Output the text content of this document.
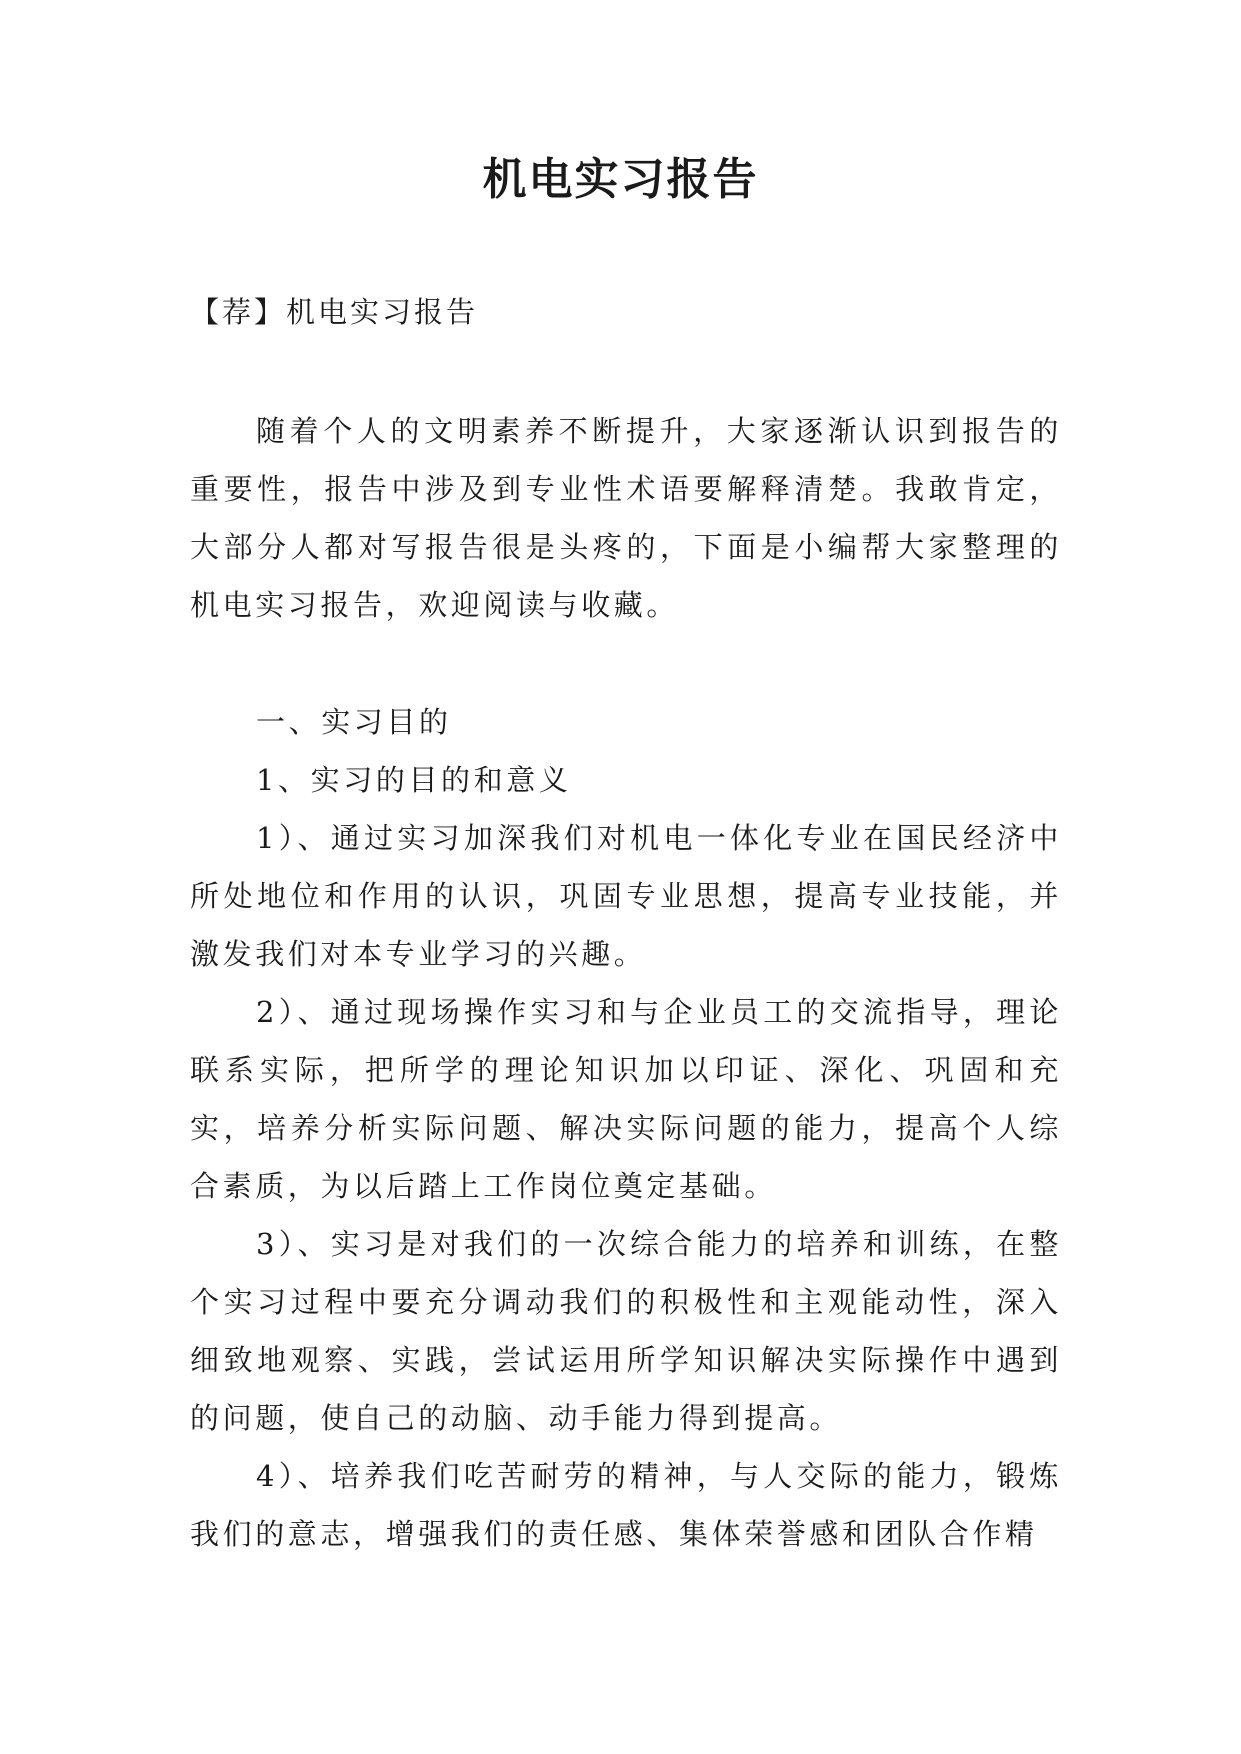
机电实习报告
【荐】机电实习报告

随着个人的文明素养不断提升，大家逐渐认识到报告的重要性，报告中涉及到专业性术语要解释清楚。我敢肯定，大部分人都对写报告很是头疼的，下面是小编帮大家整理的机电实习报告，欢迎阅读与收藏。

一、实习目的

1、实习的目的和意义

1）、通过实习加深我们对机电一体化专业在国民经济中所处地位和作用的认识，巩固专业思想，提高专业技能，并激发我们对本专业学习的兴趣。

2）、通过现场操作实习和与企业员工的交流指导，理论联系实际，把所学的理论知识加以印证、深化、巩固和充实，培养分析实际问题、解决实际问题的能力，提高个人综合素质，为以后踏上工作岗位奠定基础。

3）、实习是对我们的一次综合能力的培养和训练，在整个实习过程中要充分调动我们的积极性和主观能动性，深入细致地观察、实践，尝试运用所学知识解决实际操作中遇到的问题，使自己的动脑、动手能力得到提高。

4）、培养我们吃苦耐劳的精神，与人交际的能力，锻炼我们的意志，增强我们的责任感、集体荣誉感和团队合作精
